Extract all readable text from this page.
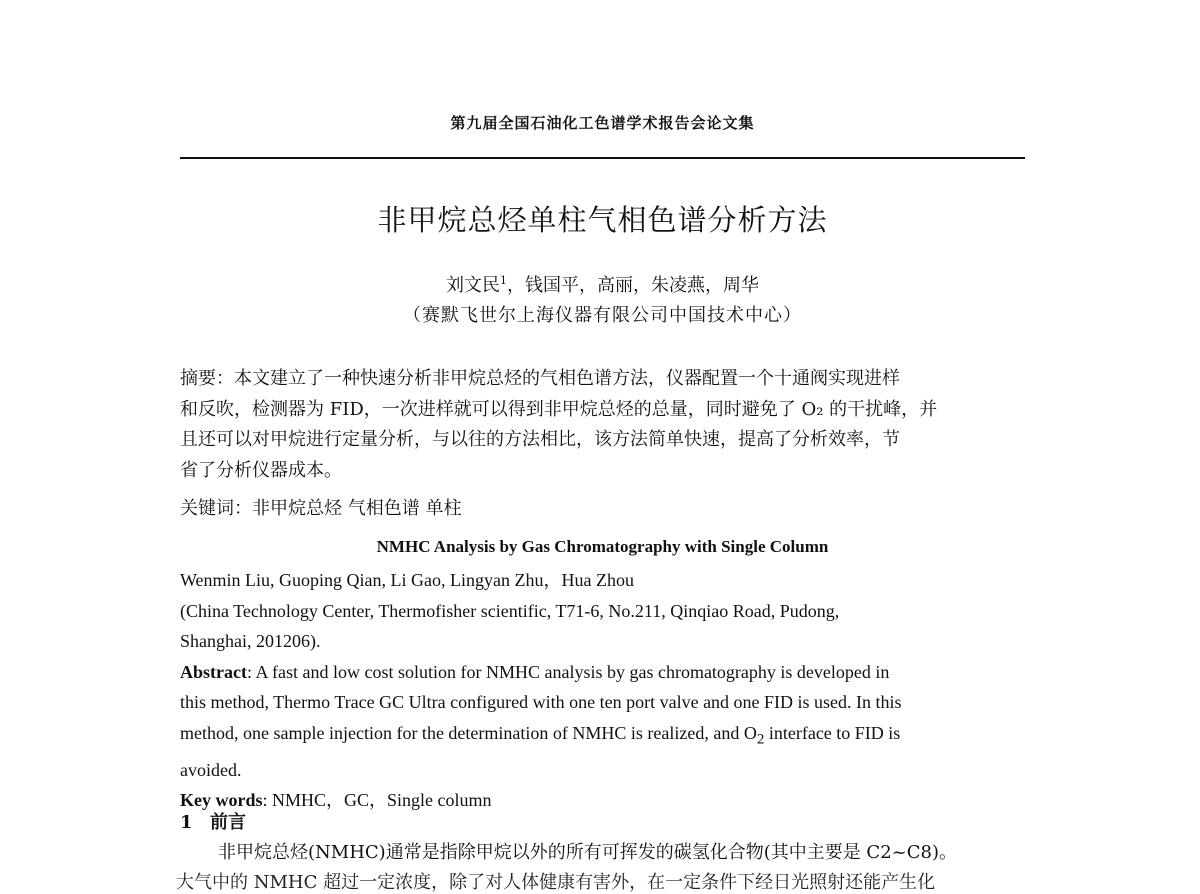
第九届全国石油化工色谱学术报告会论文集
非甲烷总烃单柱气相色谱分析方法
刘文民$^1$，钱国平，高丽，朱凌燕，周华
（赛默飞世尔上海仪器有限公司中国技术中心）
摘要：本文建立了一种快速分析非甲烷总烃的气相色谱方法，仪器配置一个十通阀实现进样
和反吹，检测器为 FID，一次进样就可以得到非甲烷总烃的总量，同时避免了 O₂ 的干扰峰，并
且还可以对甲烷进行定量分析，与以往的方法相比，该方法简单快速，提高了分析效率，节
省了分析仪器成本。
关键词：非甲烷总烃 气相色谱 单柱
NMHC Analysis by Gas Chromatography with Single Column
Wenmin Liu, Guoping Qian, Li Gao, Lingyan Zhu，Hua Zhou
(China Technology Center, Thermofisher scientific, T71-6, No.211, Qinqiao Road, Pudong,
Shanghai, 201206).
Abstract: A fast and low cost solution for NMHC analysis by gas chromatography is developed in
this method, Thermo Trace GC Ultra configured with one ten port valve and one FID is used. In this
method, one sample injection for the determination of NMHC is realized, and $O_2$ interface to FID is
avoided.
Key words: NMHC，GC，Single column
1 前言
非甲烷总烃(NMHC)通常是指除甲烷以外的所有可挥发的碳氢化合物(其中主要是 C2~C8)。
大气中的 NMHC 超过一定浓度，除了对人体健康有害外，在一定条件下经日光照射还能产生化
